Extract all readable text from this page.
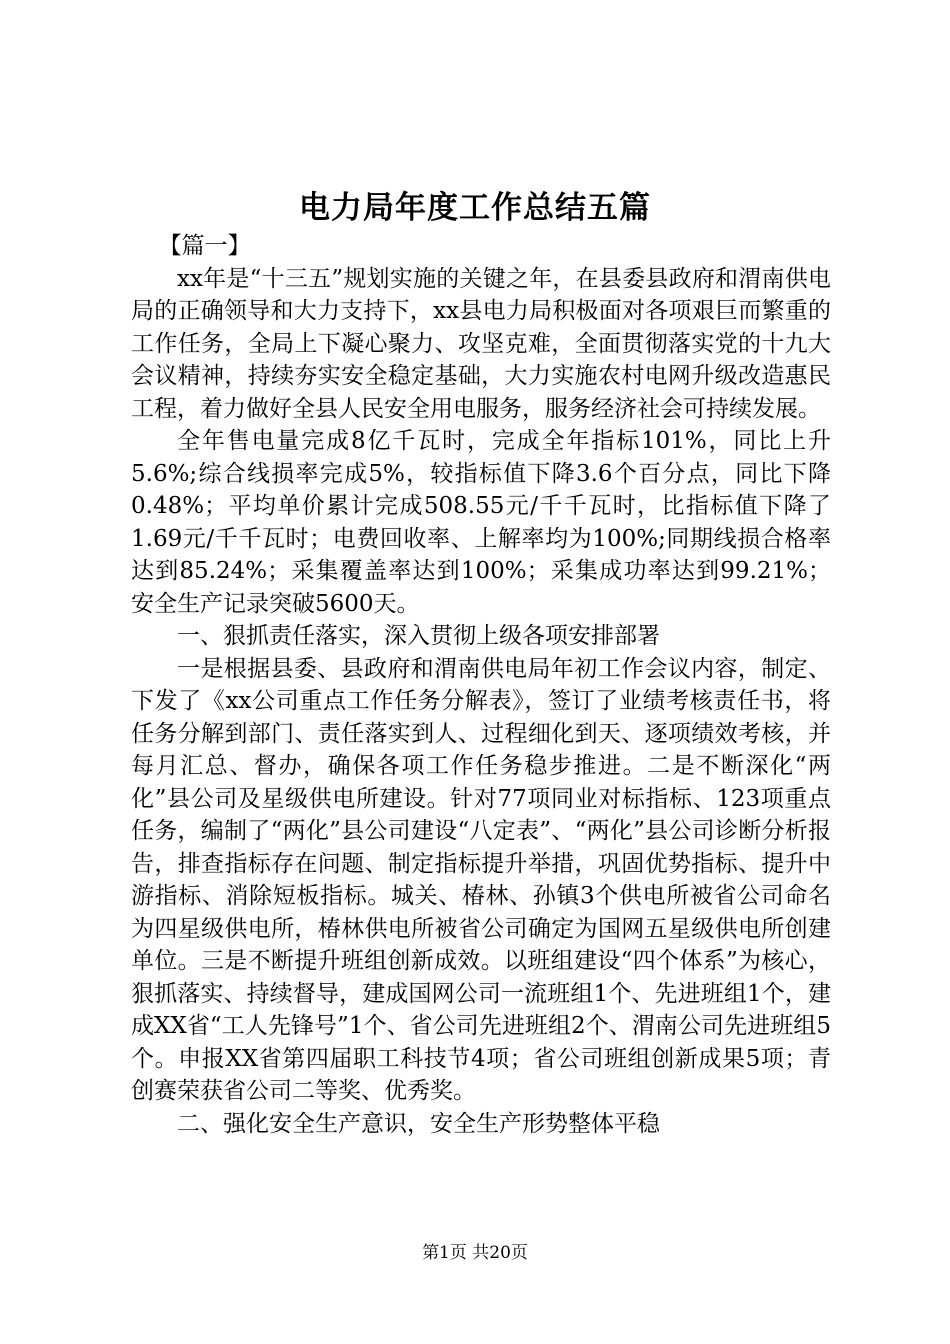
电力局年度工作总结五篇

【篇一】

xx年是“十三五”规划实施的关键之年，在县委县政府和渭南供电局的正确领导和大力支持下，xx县电力局积极面对各项艰巨而繁重的工作任务，全局上下凝心聚力、攻坚克难，全面贯彻落实党的十九大会议精神，持续夯实安全稳定基础，大力实施农村电网升级改造惠民工程，着力做好全县人民安全用电服务，服务经济社会可持续发展。

全年售电量完成8亿千瓦时，完成全年指标101%，同比上升5.6%;综合线损率完成5%，较指标值下降3.6个百分点，同比下降0.48%；平均单价累计完成508.55元/千千瓦时，比指标值下降了1.69元/千千瓦时；电费回收率、上解率均为100%;同期线损合格率达到85.24%；采集覆盖率达到100%；采集成功率达到99.21%；安全生产记录突破5600天。

一、狠抓责任落实，深入贯彻上级各项安排部署

一是根据县委、县政府和渭南供电局年初工作会议内容，制定、下发了《xx公司重点工作任务分解表》，签订了业绩考核责任书，将任务分解到部门、责任落实到人、过程细化到天、逐项绩效考核，并每月汇总、督办，确保各项工作任务稳步推进。二是不断深化“两化”县公司及星级供电所建设。针对77项同业对标指标、123项重点任务，编制了“两化”县公司建设“八定表”、“两化”县公司诊断分析报告，排查指标存在问题、制定指标提升举措，巩固优势指标、提升中游指标、消除短板指标。城关、椿林、孙镇3个供电所被省公司命名为四星级供电所，椿林供电所被省公司确定为国网五星级供电所创建单位。三是不断提升班组创新成效。以班组建设“四个体系”为核心，狠抓落实、持续督导，建成国网公司一流班组1个、先进班组1个，建成XX省“工人先锋号”1个、省公司先进班组2个、渭南公司先进班组5个。申报XX省第四届职工科技节4项；省公司班组创新成果5项；青创赛荣获省公司二等奖、优秀奖。

二、强化安全生产意识，安全生产形势整体平稳

第1页 共20页
